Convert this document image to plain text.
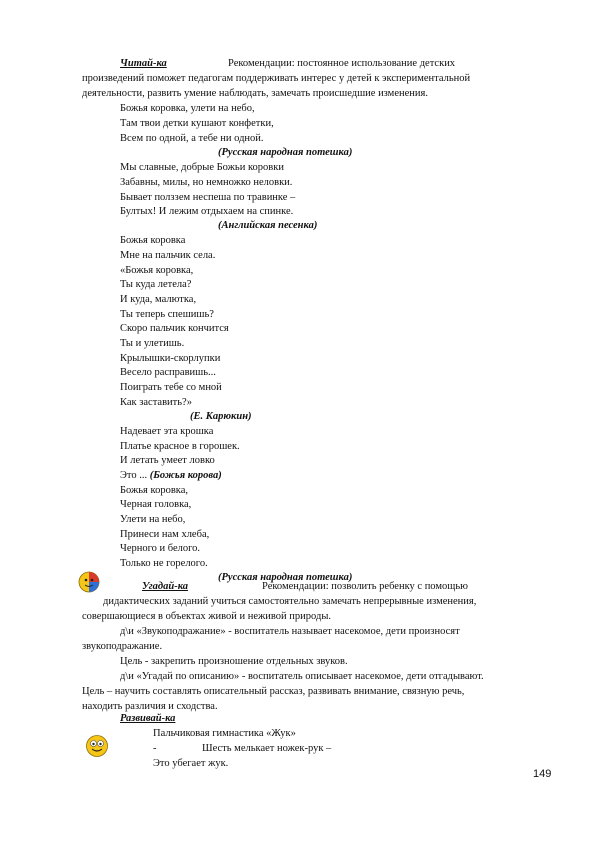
Читай-ка	Рекомендации: постоянное использование детских
произведений поможет педагогам поддерживать интерес у детей к экспериментальной
деятельности, развить умение наблюдать, замечать происшедшие изменения.
Божья коровка, улети на небо,
Там твои детки кушают конфетки,
Всем по одной, а тебе ни одной.
(Русская народная потешка)
Мы славные, добрые Божьи коровки
Забавны, милы, но немножко неловки.
Бывает полззем неспеша по травинке –
Бултых! И лежим отдыхаем на спинке.
(Английская песенка)
Божья коровка
Мне на пальчик села.
«Божья коровка,
Ты куда летела?
И куда, малютка,
Ты теперь спешишь?
Скоро пальчик кончится
Ты и улетишь.
Крылышки-скорлупки
Весело расправишь...
Поиграть тебе со мной
Как заставить?»
(Е. Карюкин)
Надевает эта крошка
Платье красное в горошек.
И летать умеет ловко
Это ... (Божья корова)
Божья коровка,
Черная головка,
Улети на небо,
Принеси нам хлеба,
Черного и белого.
Только не горелого.
(Русская народная потешка)
Угадай-ка	Рекомендации: позволить ребенку с помощью
дидактических заданий учиться самостоятельно замечать непрерывные изменения,
совершающиеся в объектах живой и неживой природы.
д\и «Звукоподражание» - воспитатель называет насекомое, дети произносят
звукоподражание.
Цель - закрепить произношение отдельных звуков.
д\и «Угадай по описанию» - воспитатель описывает насекомое, дети отгадывают.
Цель – научить составлять описательный рассказ, развивать внимание, связную речь,
находить различия и сходства.
Развивай-ка
Пальчиковая гимнастика «Жук»
-	Шесть мелькает ножек-рук –
Это убегает жук.
149
